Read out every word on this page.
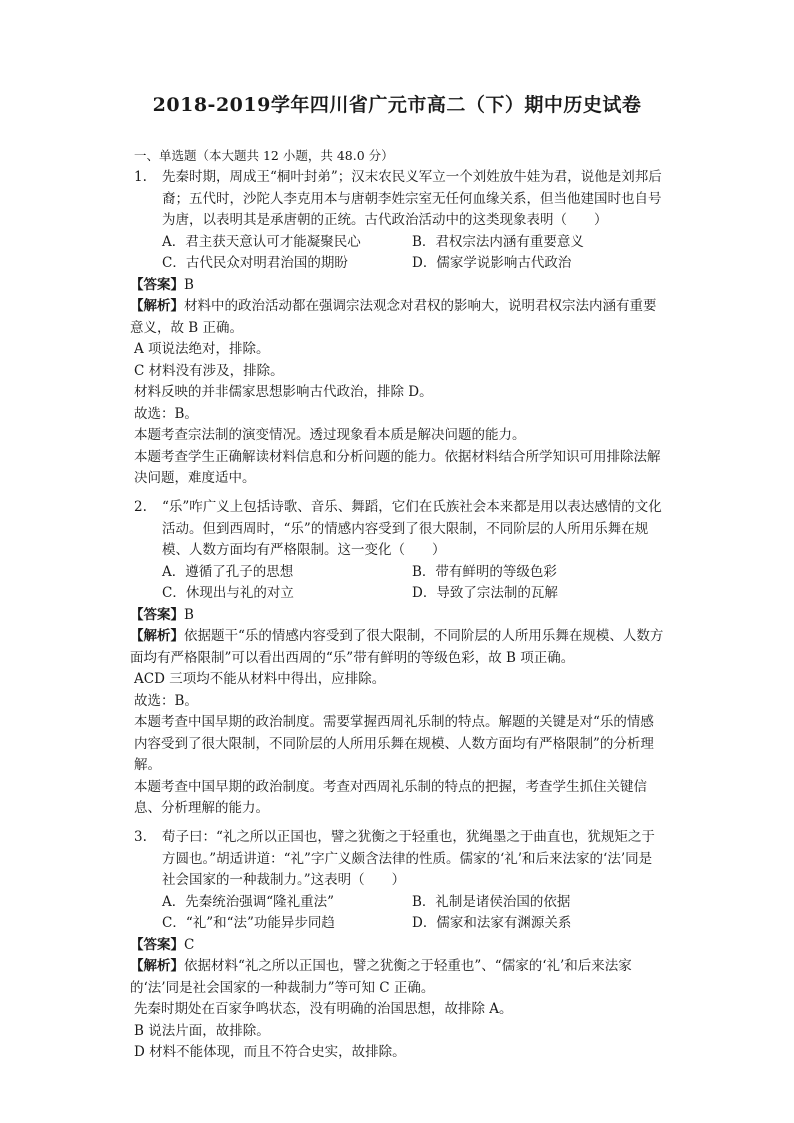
2018-2019学年四川省广元市高二（下）期中历史试卷
一、单选题（本大题共 12 小题，共 48.0 分）
1. 先秦时期，周成王“桐叶封弟”；汉末农民义军立一个刘姓放牛娃为君，说他是刘邦后裔；五代时，沙陀人李克用本与唐朝李姓宗室无任何血缘关系，但当他建国时也自号为唐，以表明其是承唐朝的正统。古代政治活动中的这类现象表明（　　）
A．君主获天意认可才能凝聚民心	B．君权宗法内涵有重要意义
C．古代民众对明君治国的期盼	D．儒家学说影响古代政治
【答案】B
【解析】材料中的政治活动都在强调宗法观念对君权的影响大，说明君权宗法内涵有重要意义，故 B 正确。
A 项说法绝对，排除。
C 材料没有涉及，排除。
材料反映的并非儒家思想影响古代政治，排除 D。
故选：B。
本题考查宗法制的演变情况。透过现象看本质是解决问题的能力。
本题考查学生正确解读材料信息和分析问题的能力。依据材料结合所学知识可用排除法解决问题，难度适中。
2. “乐”咋广义上包括诗歌、音乐、舞蹈，它们在氏族社会本来都是用以表达感情的文化活动。但到西周时，“乐”的情感内容受到了很大限制，不同阶层的人所用乐舞在规模、人数方面均有严格限制。这一变化（　　）
A．遵循了孔子的思想	B．带有鲜明的等级色彩
C．休现出与礼的对立	D．导致了宗法制的瓦解
【答案】B
【解析】依据题干“乐的情感内容受到了很大限制，不同阶层的人所用乐舞在规模、人数方面均有严格限制”可以看出西周的“乐”带有鲜明的等级色彩，故 B 项正确。
ACD 三项均不能从材料中得出，应排除。
故选：B。
本题考查中国早期的政治制度。需要掌握西周礼乐制的特点。解题的关键是对“乐的情感内容受到了很大限制，不同阶层的人所用乐舞在规模、人数方面均有严格限制”的分析理解。
本题考查中国早期的政治制度。考查对西周礼乐制的特点的把握，考查学生抓住关键信息、分析理解的能力。
3. 荀子曰：“礼之所以正国也，譬之犹衡之于轻重也，犹绳墨之于曲直也，犹规矩之于方圆也。”胡适讲道：“礼”字广义颇含法律的性质。儒家的‘礼’和后来法家的‘法’同是社会国家的一种裁制力。”这表明（　　）
A．先秦统治强调“隆礼重法”	B．礼制是诸侯治国的依据
C．“礼”和“法”功能异步同趋	D．儒家和法家有渊源关系
【答案】C
【解析】依据材料“礼之所以正国也，譬之犹衡之于轻重也”、“儒家的‘礼’和后来法家的‘法’同是社会国家的一种裁制力”等可知 C 正确。
先秦时期处在百家争鸣状态，没有明确的治国思想，故排除 A。
B 说法片面，故排除。
D 材料不能体现，而且不符合史实，故排除。
